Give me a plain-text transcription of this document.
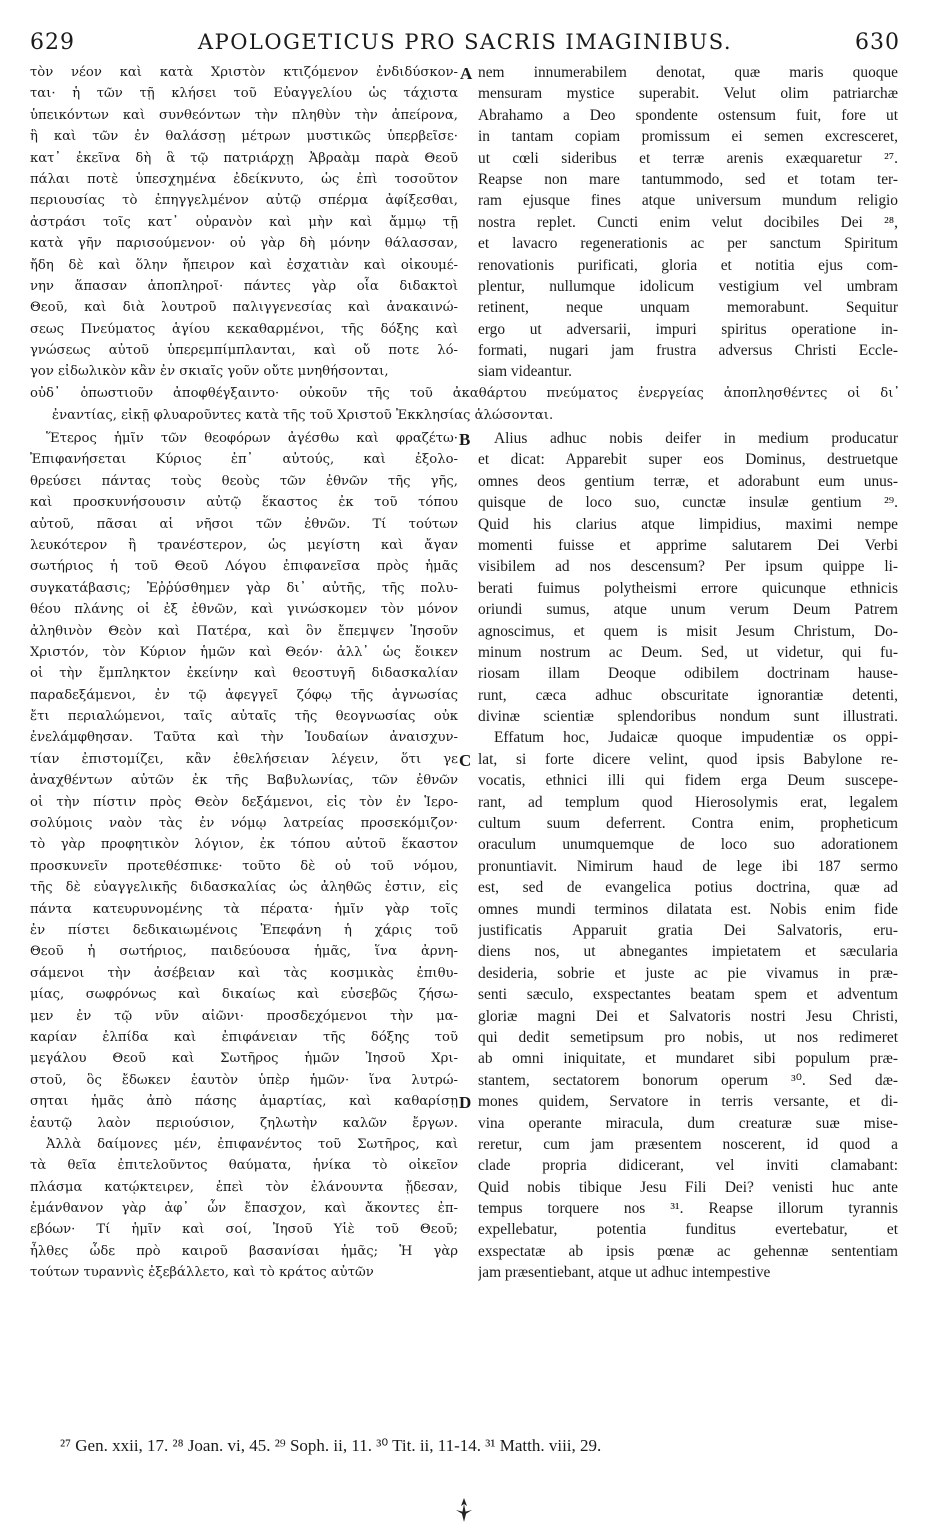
629	APOLOGETICUS PRO SACRIS IMAGINIBUS.	630
τὸν νέον καὶ κατὰ Χριστὸν κτιζόμενον ἐνδιδύσκον-
ται· ἡ τῶν τῇ κλήσει τοῦ Εὐαγγελίου ὡς τάχιστα
ὑπεικόντων καὶ συνθεόντων τὴν πληθὺν τὴν ἀπείρονα,
ἣ καὶ τῶν ἐν θαλάσσῃ μέτρων μυστικῶς ὑπερβεῖσε·
κατ᾽ ἐκεῖνα δὴ ἃ τῷ πατριάρχῃ Ἀβραὰμ παρὰ Θεοῦ
πάλαι ποτὲ ὑπεσχημένα ἐδείκνυτο, ὡς ἐπὶ τοσοῦτον
περιουσίας τὸ ἐπηγγελμένον αὐτῷ σπέρμα ἀφίξεσθαι,
ἀστράσι τοῖς κατ᾽ οὐρανὸν καὶ μὴν καὶ ἄμμῳ τῇ
κατὰ γῆν παρισούμενον· οὐ γὰρ δὴ μόνην θάλασσαν,
ἤδη δὲ καὶ ὅλην ἤπειρον καὶ ἐσχατιὰν καὶ οἰκουμέ-
νην ἅπασαν ἀποπληροῖ· πάντες γὰρ οἷα διδακτοὶ
Θεοῦ, καὶ διὰ λουτροῦ παλιγγενεσίας καὶ ἀνακαινώ-
σεως Πνεύματος ἁγίου κεκαθαρμένοι, τῆς δόξης καὶ
γνώσεως αὐτοῦ ὑπερεμπίμπλανται, καὶ οὔ ποτε λό-
γον εἰδωλικὸν κἂν ἐν σκιαῖς γοῦν οὔτε μνηθήσονται,
nem innumerabilem denotat, quæ maris quoque
mensuram mystice superabit. Velut olim patriarchæ
Abrahamo a Deo spondente ostensum fuit, fore ut
in tantam copiam promissum ei semen excresceret,
ut cœli sideribus et terræ arenis exæquaretur ²⁷.
Reapse non mare tantummodo, sed et totam ter-
ram ejusque fines atque universum mundum religio
nostra replet. Cuncti enim velut docibiles Dei ²⁸,
et lavacro regenerationis ac per sanctum Spiritum
renovationis purificati, gloria et notitia ejus com-
plentur, nullumque idolicum vestigium vel umbram
retinent, neque unquam memorabunt. Sequitur
ergo ut adversarii, impuri spiritus operatione in-
formati, nugari jam frustra adversus Christi Eccle-
siam videantur.
A
οὐδ᾽ ὁπωστιοῦν ἀποφθέγξαιντο· οὐκοῦν τῆς τοῦ ἀκαθάρτου πνεύματος ἐνεργείας ἀποπλησθέντες οἱ δι᾽
ἐναντίας, εἰκῇ φλυαροῦντες κατὰ τῆς τοῦ Χριστοῦ Ἐκκλησίας ἁλώσονται.
Ἕτερος ἡμῖν τῶν θεοφόρων ἀγέσθω καὶ φραζέτω·
Ἐπιφανήσεται Κύριος ἐπ᾽ αὐτούς, καὶ ἐξολο-
θρεύσει πάντας τοὺς θεοὺς τῶν ἐθνῶν τῆς γῆς,
καὶ προσκυνήσουσιν αὐτῷ ἕκαστος ἐκ τοῦ τόπου
αὐτοῦ, πᾶσαι αἱ νῆσοι τῶν ἐθνῶν. Τί τούτων
λευκότερον ἢ τρανέστερον, ὡς μεγίστη καὶ ἄγαν
σωτήριος ἡ τοῦ Θεοῦ Λόγου ἐπιφανεῖσα πρὸς ἡμᾶς
συγκατάβασις; Ἐῤῥύσθημεν γὰρ δι᾽ αὐτῆς, τῆς πολυ-
θέου πλάνης οἱ ἐξ ἐθνῶν, καὶ γινώσκομεν τὸν μόνον
ἀληθινὸν Θεὸν καὶ Πατέρα, καὶ ὃν ἔπεμψεν Ἰησοῦν
Χριστόν, τὸν Κύριον ἡμῶν καὶ Θεόν· ἀλλ᾽ ὡς ἔοικεν
οἱ τὴν ἔμπληκτον ἐκείνην καὶ θεοστυγῆ διδασκαλίαν
παραδεξάμενοι, ἐν τῷ ἀφεγγεῖ ζόφῳ τῆς ἀγνωσίας
ἔτι περιαλώμενοι, ταῖς αὐταῖς τῆς θεογνωσίας οὐκ
ἐνελάμφθησαν. Ταῦτα καὶ τὴν Ἰουδαίων ἀναισχυν-
τίαν ἐπιστομίζει, κἂν ἐθελήσειαν λέγειν, ὅτι γε
ἀναχθέντων αὐτῶν ἐκ τῆς Βαβυλωνίας, τῶν ἐθνῶν
οἱ τὴν πίστιν πρὸς Θεὸν δεξάμενοι, εἰς τὸν ἐν Ἱερο-
σολύμοις ναὸν τὰς ἐν νόμῳ λατρείας προσεκόμιζον·
τὸ γὰρ προφητικὸν λόγιον, ἐκ τόπου αὐτοῦ ἕκαστον
προσκυνεῖν προτεθέσπικε· τοῦτο δὲ οὐ τοῦ νόμου,
τῆς δὲ εὐαγγελικῆς διδασκαλίας ὡς ἀληθῶς ἐστιν, εἰς
πάντα κατευρυνομένης τὰ πέρατα· ἡμῖν γὰρ τοῖς
ἐν πίστει δεδικαιωμένοις Ἐπεφάνη ἡ χάρις τοῦ
Θεοῦ ἡ σωτήριος, παιδεύουσα ἡμᾶς, ἵνα ἀρνη-
σάμενοι τὴν ἀσέβειαν καὶ τὰς κοσμικὰς ἐπιθυ-
μίας, σωφρόνως καὶ δικαίως καὶ εὐσεβῶς ζήσω-
μεν ἐν τῷ νῦν αἰῶνι· προσδεχόμενοι τὴν μα-
καρίαν ἐλπίδα καὶ ἐπιφάνειαν τῆς δόξης τοῦ
μεγάλου Θεοῦ καὶ Σωτῆρος ἡμῶν Ἰησοῦ Χρι-
στοῦ, ὃς ἔδωκεν ἑαυτὸν ὑπὲρ ἡμῶν· ἵνα λυτρώ-
σηται ἡμᾶς ἀπὸ πάσης ἁμαρτίας, καὶ καθαρίσῃ
ἑαυτῷ λαὸν περιούσιον, ζηλωτὴν καλῶν ἔργων.
Ἀλλὰ δαίμονες μέν, ἐπιφανέντος τοῦ Σωτῆρος, καὶ
τὰ θεῖα ἐπιτελοῦντος θαύματα, ἡνίκα τὸ οἰκεῖον
πλάσμα κατῴκτειρεν, ἐπεὶ τὸν ἐλάνουντα ᾔδεσαν,
ἐμάνθανον γὰρ ἀφ᾽ ὧν ἔπασχον, καὶ ἄκοντες ἐπ-
εβόων· Τί ἡμῖν καὶ σοί, Ἰησοῦ Υἱὲ τοῦ Θεοῦ;
ἦλθες ὧδε πρὸ καιροῦ βασανίσαι ἡμᾶς; Ἡ γὰρ
τούτων τυραννὶς ἐξεβάλλετο, καὶ τὸ κράτος αὐτῶν
Alius adhuc nobis deifer in medium producatur
et dicat: Apparebit super eos Dominus, destruetque
omnes deos gentium terræ, et adorabunt eum unus-
quisque de loco suo, cunctæ insulæ gentium ²⁹.
Quid his clarius atque limpidius, maximi nempe
momenti fuisse et apprime salutarem Dei Verbi
visibilem ad nos descensum? Per ipsum quippe li-
berati fuimus polytheismi errore quicunque ethnicis
oriundi sumus, atque unum verum Deum Patrem
agnoscimus, et quem is misit Jesum Christum, Do-
minum nostrum ac Deum. Sed, ut videtur, qui fu-
riosam illam Deoque odibilem doctrinam hause-
runt, cæca adhuc obscuritate ignorantiæ detenti,
divinæ scientiæ splendoribus nondum sunt illustrati.
Effatum hoc, Judaicæ quoque impudentiæ os oppi-
lat, si forte dicere velint, quod ipsis Babylone re-
vocatis, ethnici illi qui fidem erga Deum suscepe-
rant, ad templum quod Hierosolymis erat, legalem
cultum suum deferrent. Contra enim, propheticum
oraculum unumquemque de loco suo adorationem
pronuntiavit. Nimirum haud de lege ibi 187 sermo
est, sed de evangelica potius doctrina, quæ ad
omnes mundi terminos dilatata est. Nobis enim fide
justificatis Apparuit gratia Dei Salvatoris, eru-
diens nos, ut abnegantes impietatem et sæcularia
desideria, sobrie et juste ac pie vivamus in præ-
senti sæculo, exspectantes beatam spem et adventum
gloriæ magni Dei et Salvatoris nostri Jesu Christi,
qui dedit semetipsum pro nobis, ut nos redimeret
ab omni iniquitate, et mundaret sibi populum præ-
stantem, sectatorem bonorum operum ³⁰. Sed dæ-
mones quidem, Servatore in terris versante, et di-
vina operante miracula, dum creaturæ suæ mise-
reretur, cum jam præsentem noscerent, id quod a
clade propria didicerant, vel inviti clamabant:
Quid nobis tibique Jesu Fili Dei? venisti huc ante
tempus torquere nos ³¹. Reapse illorum tyrannis
expellebatur, potentia funditus evertebatur, et
exspectatæ ab ipsis pœnæ ac gehennæ sententiam
jam præsentiebant, atque ut adhuc intempestive
B
C
D
²⁷ Gen. xxii, 17. ²⁸ Joan. vi, 45. ²⁹ Soph. ii, 11. ³⁰ Tit. ii, 11-14. ³¹ Matth. viii, 29.
